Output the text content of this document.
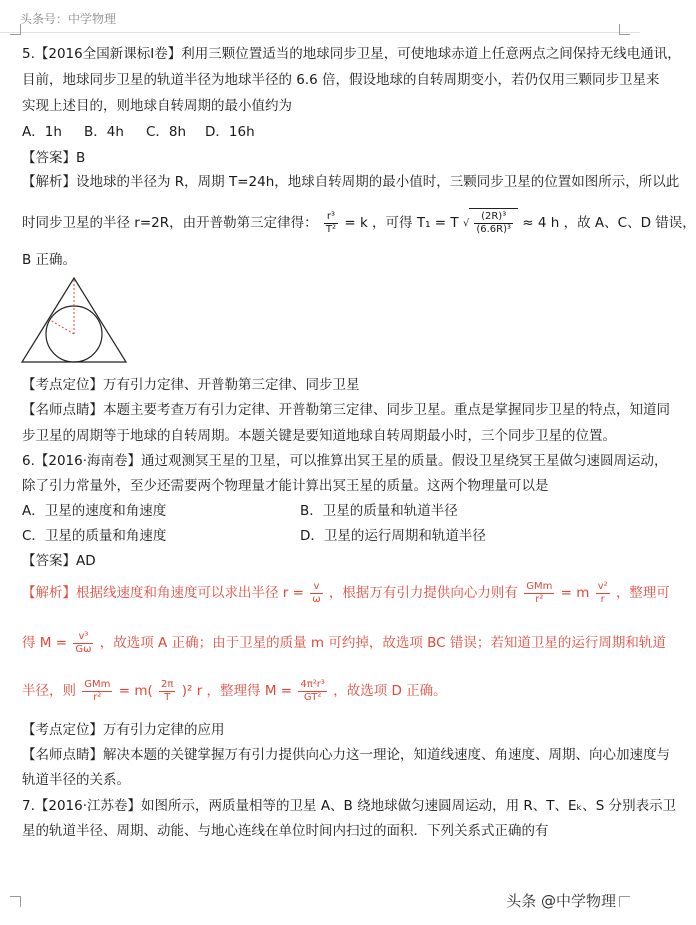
头条号：中学物理
5.【2016全国新课标Ⅰ卷】利用三颗位置适当的地球同步卫星，可使地球赤道上任意两点之间保持无线电通讯，
目前，地球同步卫星的轨道半径为地球半径的 6.6 倍，假设地球的自转周期变小，若仍仅用三颗同步卫星来
实现上述目的，则地球自转周期的最小值约为
A．1h B．4h C．8h D．16h
【答案】B
【解析】设地球的半径为 R，周期 T=24h，地球自转周期的最小值时，三颗同步卫星的位置如图所示，所以此
时同步卫星的半径 r=2R，由开普勒第三定律得： $\frac{\text{r³}}{\text{T²}} = k$ ，可得 T₁ = T √ $\frac{\text{(2R)³}}{\text{(6.6R)³}} \approx 4$ h ，故 A、C、D 错误，
B 正确。
【考点定位】万有引力定律、开普勒第三定律、同步卫星
【名师点睛】本题主要考查万有引力定律、开普勒第三定律、同步卫星。重点是掌握同步卫星的特点，知道同
步卫星的周期等于地球的自转周期。本题关键是要知道地球自转周期最小时，三个同步卫星的位置。
6.【2016·海南卷】通过观测冥王星的卫星，可以推算出冥王星的质量。假设卫星绕冥王星做匀速圆周运动，
除了引力常量外，至少还需要两个物理量才能计算出冥王星的质量。这两个物理量可以是
A．卫星的速度和角速度	B．卫星的质量和轨道半径
C．卫星的质量和角速度	D．卫星的运行周期和轨道半径
【答案】AD
【解析】根据线速度和角速度可以求出半径 $r = \frac{v}{\omega}$ ，根据万有引力提供向心力则有 $\frac{\text{GMm}}{\text{r²}} = m \frac{\text{v²}}{r}$ ，整理可
得 $M = \frac{\text{v³}}{G\omega}$ ，故选项 A 正确；由于卫星的质量 m 可约掉，故选项 BC 错误；若知道卫星的运行周期和轨道
半径，则 $\frac{\text{GMm}}{\text{r²}} = m( \frac{2\pi}{T} )^2$ r ，整理得 $M = \frac{\text{4π²r³}}{\text{GT²}}$ ，故选项 D 正确。
【考点定位】万有引力定律的应用
【名师点睛】解决本题的关键掌握万有引力提供向心力这一理论，知道线速度、角速度、周期、向心加速度与
轨道半径的关系。
7.【2016·江苏卷】如图所示，两质量相等的卫星 A、B 绕地球做匀速圆周运动，用 R、T、Eₖ、S 分别表示卫
星的轨道半径、周期、动能、与地心连线在单位时间内扫过的面积．下列关系式正确的有
头条 @中学物理
